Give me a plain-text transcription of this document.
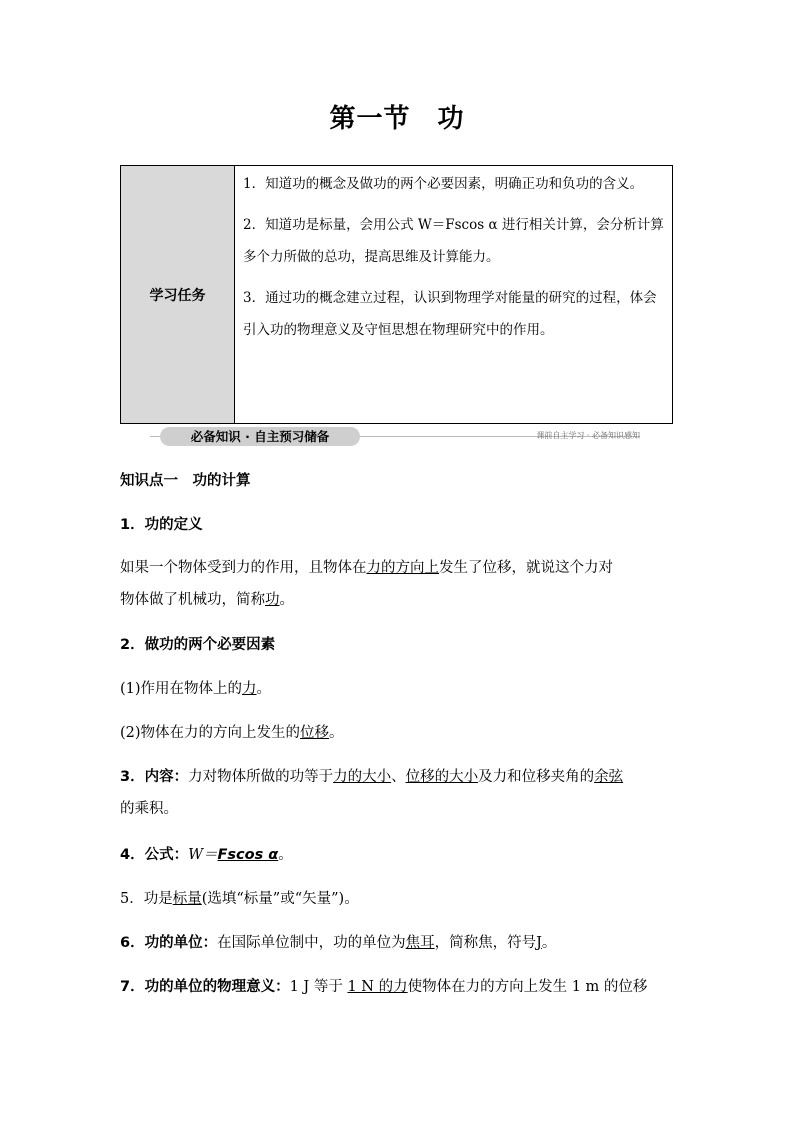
第一节　功
学习任务

1．知道功的概念及做功的两个必要因素，明确正功和负功的含义。

2．知道功是标量，会用公式 W＝Fscos α 进行相关计算，会分析计算多个力所做的总功，提高思维及计算能力。

3．通过功的概念建立过程，认识到物理学对能量的研究的过程，体会引入功的物理意义及守恒思想在物理研究中的作用。

必备知识 · 自主预习储备	课前自主学习 · 必备知识感知
知识点一　功的计算
1．功的定义
如果一个物体受到力的作用，且物体在力的方向上发生了位移，就说这个力对
物体做了机械功，简称功。
2．做功的两个必要因素
(1)作用在物体上的力。
(2)物体在力的方向上发生的位移。
3．内容：力对物体所做的功等于力的大小、位移的大小及力和位移夹角的余弦
的乘积。
4．公式：W＝Fscos α。
5．功是标量(选填“标量”或“矢量”)。
6．功的单位：在国际单位制中，功的单位为焦耳，简称焦，符号J。
7．功的单位的物理意义：1 J 等于 1 N 的力使物体在力的方向上发生 1 m 的位移
